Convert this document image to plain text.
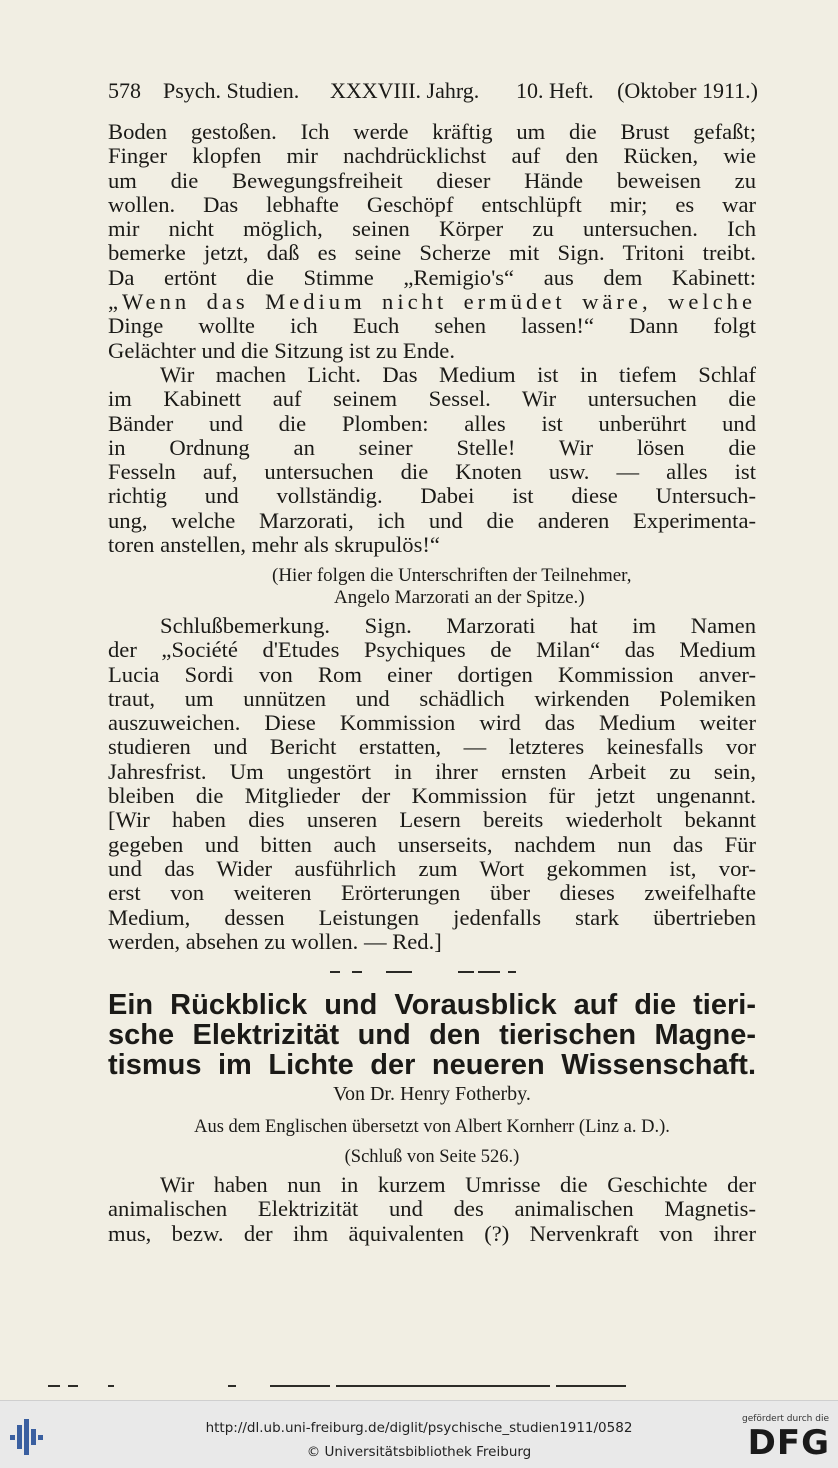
578 Psych. Studien. XXXVIII. Jahrg. 10. Heft. (Oktober 1911.)
Boden gestoßen. Ich werde kräftig um die Brust gefaßt;
Finger klopfen mir nachdrücklichst auf den Rücken, wie
um die Bewegungsfreiheit dieser Hände beweisen zu
wollen. Das lebhafte Geschöpf entschlüpft mir; es war
mir nicht möglich, seinen Körper zu untersuchen. Ich
bemerke jetzt, daß es seine Scherze mit Sign. Tritoni treibt.
Da ertönt die Stimme „Remigio's“ aus dem Kabinett:
„Wenn das Medium nicht ermüdet wäre, welche
Dinge wollte ich Euch sehen lassen!“ Dann folgt
Gelächter und die Sitzung ist zu Ende.
Wir machen Licht. Das Medium ist in tiefem Schlaf
im Kabinett auf seinem Sessel. Wir untersuchen die
Bänder und die Plomben: alles ist unberührt und
in Ordnung an seiner Stelle! Wir lösen die
Fesseln auf, untersuchen die Knoten usw. — alles ist
richtig und vollständig. Dabei ist diese Untersuch-
ung, welche Marzorati, ich und die anderen Experimenta-
toren anstellen, mehr als skrupulös!“
(Hier folgen die Unterschriften der Teilnehmer,
Angelo Marzorati an der Spitze.)
Schlußbemerkung. Sign. Marzorati hat im Namen
der „Société d'Etudes Psychiques de Milan“ das Medium
Lucia Sordi von Rom einer dortigen Kommission anver-
traut, um unnützen und schädlich wirkenden Polemiken
auszuweichen. Diese Kommission wird das Medium weiter
studieren und Bericht erstatten, — letzteres keinesfalls vor
Jahresfrist. Um ungestört in ihrer ernsten Arbeit zu sein,
bleiben die Mitglieder der Kommission für jetzt ungenannt.
[Wir haben dies unseren Lesern bereits wiederholt bekannt
gegeben und bitten auch unserseits, nachdem nun das Für
und das Wider ausführlich zum Wort gekommen ist, vor-
erst von weiteren Erörterungen über dieses zweifelhafte
Medium, dessen Leistungen jedenfalls stark übertrieben
werden, absehen zu wollen. — Red.]
Ein Rückblick und Vorausblick auf die tieri-
sche Elektrizität und den tierischen Magne-
tismus im Lichte der neueren Wissenschaft.
Von Dr. Henry Fotherby.
Aus dem Englischen übersetzt von Albert Kornherr (Linz a. D.).
(Schluß von Seite 526.)
Wir haben nun in kurzem Umrisse die Geschichte der
animalischen Elektrizität und des animalischen Magnetis-
mus, bezw. der ihm äquivalenten (?) Nervenkraft von ihrer
http://dl.ub.uni-freiburg.de/diglit/psychische_studien1911/0582
© Universitätsbibliothek Freiburg
gefördert durch die
DFG
